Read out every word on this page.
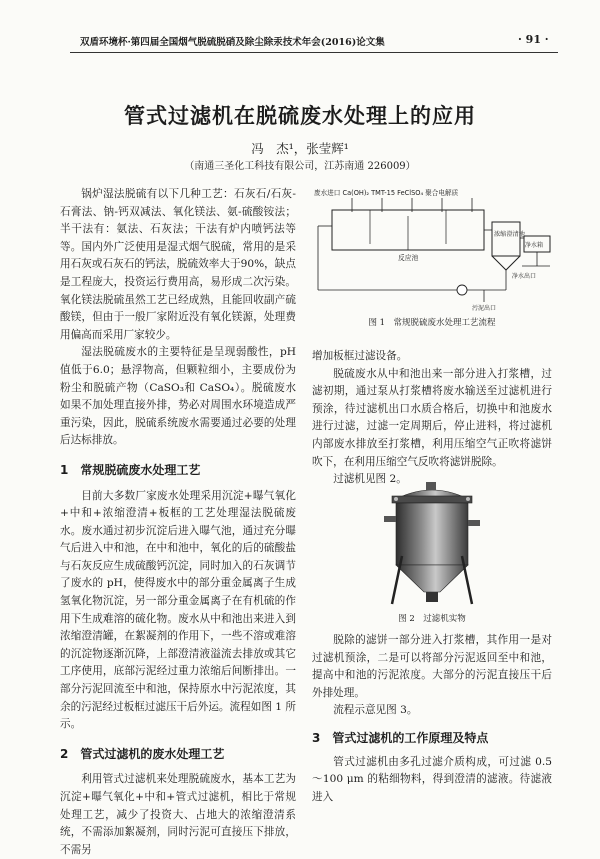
双盾环境杯·第四届全国烟气脱硫脱硝及除尘除汞技术年会(2016)论文集	· 91 ·
管式过滤机在脱硫废水处理上的应用
冯　杰¹，张莹辉¹
（南通三圣化工科技有限公司，江苏南通 226009）

锅炉湿法脱硫有以下几种工艺：石灰石/石灰-石膏法、钠-钙双减法、氧化镁法、氨-硫酸铵法；半干法有：氨法、石灰法；干法有炉内喷钙法等等。国内外广泛使用是湿式烟气脱硫，常用的是采用石灰或石灰石的钙法，脱硫效率大于90%，缺点是工程庞大，投资运行费用高，易形成二次污染。氧化镁法脱硫虽然工艺已经成熟，且能回收副产硫酸镁，但由于一般厂家附近没有氧化镁源，处理费用偏高而采用厂家较少。

湿法脱硫废水的主要特征是呈现弱酸性，pH 值低于6.0；悬浮物高，但颗粒细小，主要成份为粉尘和脱硫产物（CaSO₃和 CaSO₄）。脱硫废水如果不加处理直接外排，势必对周围水环境造成严重污染，因此，脱硫系统废水需要通过必要的处理后达标排放。

1　常规脱硫废水处理工艺

目前大多数厂家废水处理采用沉淀+曝气氧化+中和+浓缩澄清+板框的工艺处理湿法脱硫废水。废水通过初步沉淀后进入曝气池，通过充分曝气后进入中和池，在中和池中，氧化的后的硫酸盐与石灰反应生成硫酸钙沉淀，同时加入的石灰调节了废水的 pH，使得废水中的部分重金属离子生成氢氧化物沉淀，另一部分重金属离子在有机硫的作用下生成难溶的硫化物。废水从中和池出来进入到浓缩澄清罐，在絮凝剂的作用下，一些不溶或难溶的沉淀物逐渐沉降，上部澄清液溢流去排放或其它工序使用，底部污泥经过重力浓缩后间断排出。一部分污泥回流至中和池，保持原水中污泥浓度，其余的污泥经过板框过滤压干后外运。流程如图 1 所示。

2　管式过滤机的废水处理工艺

利用管式过滤机来处理脱硫废水，基本工艺为沉淀+曝气氧化+中和+管式过滤机，相比于常规处理工艺，减少了投资大、占地大的浓缩澄清系统，不需添加絮凝剂，同时污泥可直接压下排放，不需另

废水进口 Ca(OH)₂ TMT-15 FeClSO₄ 聚合电解质
反应池
浓缩澄清池
净水箱
净水出口
污泥出口
图 1　常规脱硫废水处理工艺流程
增加板框过滤设备。

脱硫废水从中和池出来一部分进入打浆槽，过滤初期，通过泵从打浆槽将废水输送至过滤机进行预涂，待过滤机出口水质合格后，切换中和池废水进行过滤，过滤一定周期后，停止进料，将过滤机内部废水排放至打浆槽，利用压缩空气正吹将滤饼吹下，在利用压缩空气反吹将滤饼脱除。

过滤机见图 2。

图 2　过滤机实物

脱除的滤饼一部分进入打浆槽，其作用一是对过滤机预涂，二是可以将部分污泥返回至中和池，提高中和池的污泥浓度。大部分的污泥直接压干后外排处理。

流程示意见图 3。

3　管式过滤机的工作原理及特点

管式过滤机由多孔过滤介质构成，可过滤 0.5～100 μm 的粘细物料，得到澄清的滤液。待滤液进入
